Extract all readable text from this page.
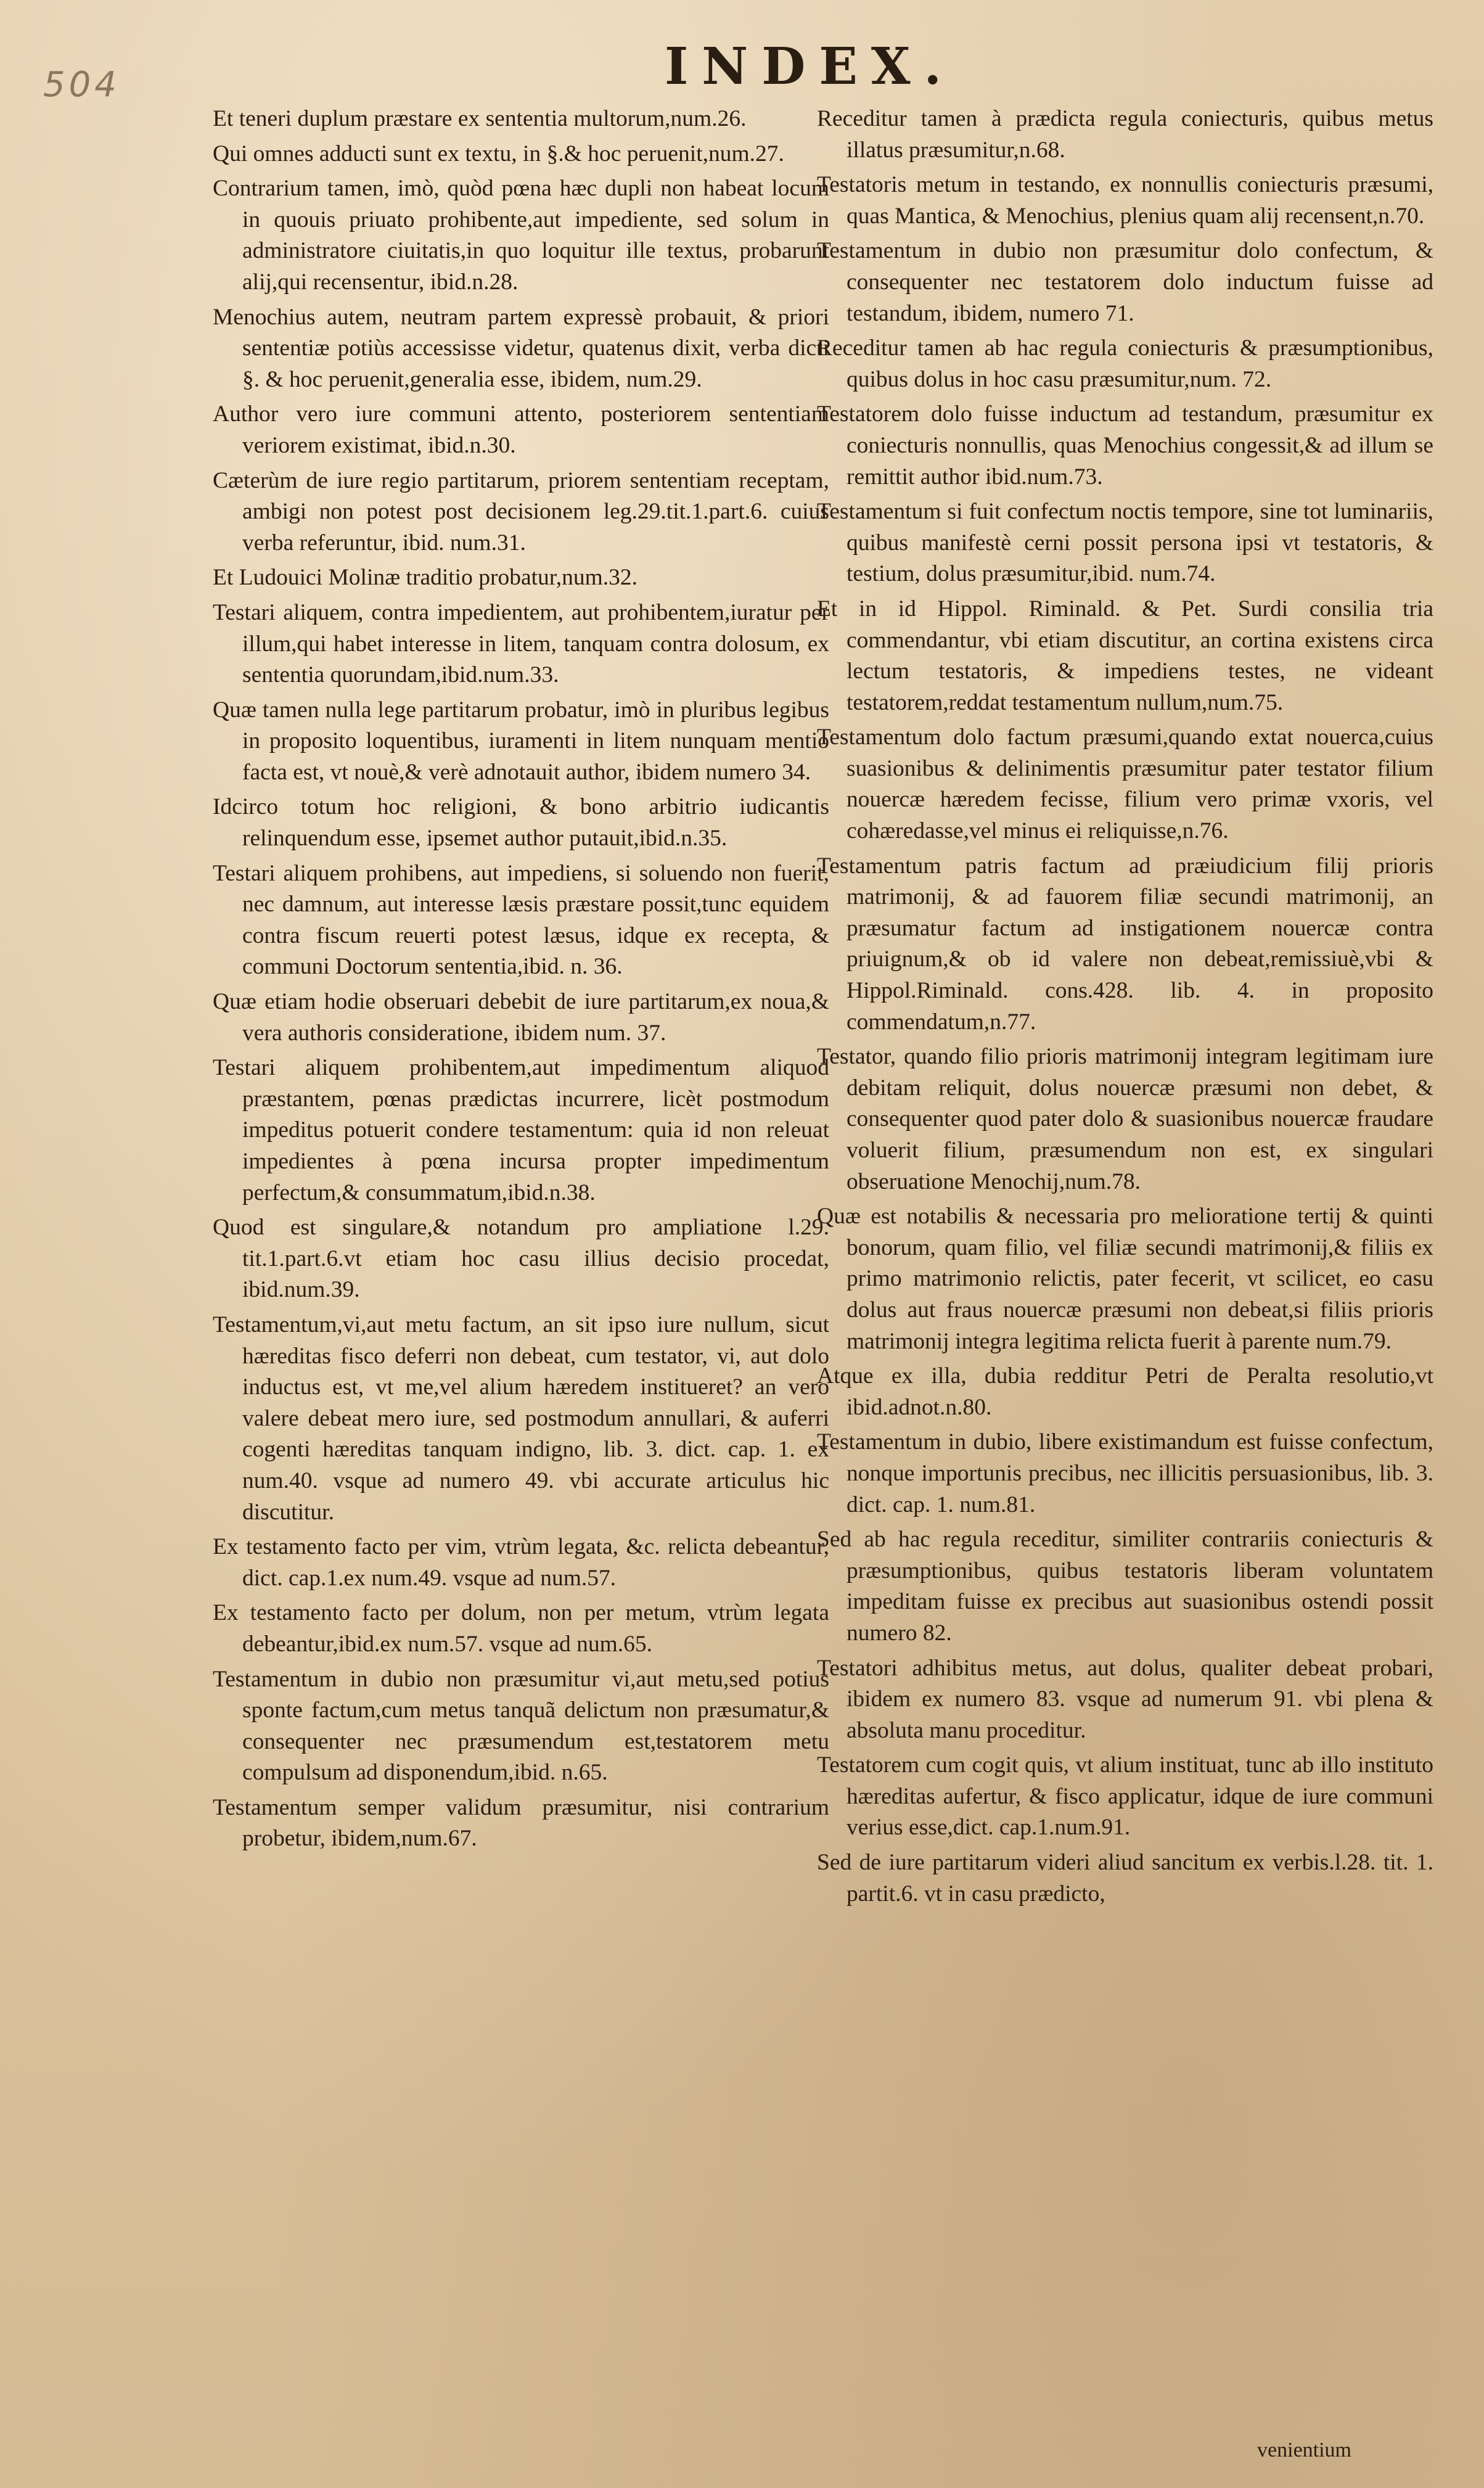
504	INDEX.

Et teneri duplum præstare ex sententia multorum,num.26.

Qui omnes adducti sunt ex textu, in §.& hoc peruenit,num.27.

Contrarium tamen, imò, quòd pœna hæc dupli non habeat locum in quouis priuato prohibente,aut impediente, sed solum in administratore ciuitatis,in quo loquitur ille textus, probarunt alij,qui recensentur, ibid.n.28.

Menochius autem, neutram partem expressè probauit, & priori sententiæ potiùs accessisse videtur, quatenus dixit, verba dicti §. & hoc peruenit,generalia esse, ibidem, num.29.

Author vero iure communi attento, posteriorem sententiam veriorem existimat, ibid.n.30.

Cæterùm de iure regio partitarum, priorem sententiam receptam, ambigi non potest post decisionem leg.29.tit.1.part.6. cuius verba referuntur, ibid. num.31.

Et Ludouici Molinæ traditio probatur,num.32.

Testari aliquem, contra impedientem, aut prohibentem,iuratur per illum,qui habet interesse in litem, tanquam contra dolosum, ex sententia quorundam,ibid.num.33.

Quæ tamen nulla lege partitarum probatur, imò in pluribus legibus in proposito loquentibus, iuramenti in litem nunquam mentio facta est, vt nouè,& verè adnotauit author, ibidem numero 34.

Idcirco totum hoc religioni, & bono arbitrio iudicantis relinquendum esse, ipsemet author putauit,ibid.n.35.

Testari aliquem prohibens, aut impediens, si soluendo non fuerit, nec damnum, aut interesse læsis præstare possit,tunc equidem contra fiscum reuerti potest læsus, idque ex recepta, & communi Doctorum sententia,ibid. n. 36.

Quæ etiam hodie obseruari debebit de iure partitarum,ex noua,& vera authoris consideratione, ibidem num. 37.

Testari aliquem prohibentem,aut impedimentum aliquod præstantem, pœnas prædictas incurrere, licèt postmodum impeditus potuerit condere testamentum: quia id non releuat impedientes à pœna incursa propter impedimentum perfectum,& consummatum,ibid.n.38.

Quod est singulare,& notandum pro ampliatione l.29. tit.1.part.6.vt etiam hoc casu illius decisio procedat, ibid.num.39.

Testamentum,vi,aut metu factum, an sit ipso iure nullum, sicut hæreditas fisco deferri non debeat, cum testator, vi, aut dolo inductus est, vt me,vel alium hæredem institueret? an vero valere debeat mero iure, sed postmodum annullari, & auferri cogenti hæreditas tanquam indigno, lib. 3. dict. cap. 1. ex num.40. vsque ad numero 49. vbi accurate articulus hic discutitur.

Ex testamento facto per vim, vtrùm legata, &c. relicta debeantur, dict. cap.1.ex num.49. vsque ad num.57.

Ex testamento facto per dolum, non per metum, vtrùm legata debeantur,ibid.ex num.57. vsque ad num.65.

Testamentum in dubio non præsumitur vi,aut metu,sed potius sponte factum,cum metus tanquã delictum non præsumatur,& consequenter nec præsumendum est,testatorem metu compulsum ad disponendum,ibid. n.65.

Testamentum semper validum præsumitur, nisi contrarium probetur, ibidem,num.67.

Receditur tamen à prædicta regula coniecturis, quibus metus illatus præsumitur,n.68.

Testatoris metum in testando, ex nonnullis coniecturis præsumi, quas Mantica, & Menochius, plenius quam alij recensent,n.70.

Testamentum in dubio non præsumitur dolo confectum, & consequenter nec testatorem dolo inductum fuisse ad testandum, ibidem, numero 71.

Receditur tamen ab hac regula coniecturis & præsumptionibus, quibus dolus in hoc casu præsumitur,num. 72.

Testatorem dolo fuisse inductum ad testandum, præsumitur ex coniecturis nonnullis, quas Menochius congessit,& ad illum se remittit author ibid.num.73.

Testamentum si fuit confectum noctis tempore, sine tot luminariis, quibus manifestè cerni possit persona ipsi vt testatoris, & testium, dolus præsumitur,ibid. num.74.

Et in id Hippol. Riminald. & Pet. Surdi consilia tria commendantur, vbi etiam discutitur, an cortina existens circa lectum testatoris, & impediens testes, ne videant testatorem,reddat testamentum nullum,num.75.

Testamentum dolo factum præsumi,quando extat nouerca,cuius suasionibus & delinimentis præsumitur pater testator filium nouercæ hæredem fecisse, filium vero primæ vxoris, vel cohæredasse,vel minus ei reliquisse,n.76.

Testamentum patris factum ad præiudicium filij prioris matrimonij, & ad fauorem filiæ secundi matrimonij, an præsumatur factum ad instigationem nouercæ contra priuignum,& ob id valere non debeat,remissiuè,vbi & Hippol.Riminald. cons.428. lib. 4. in proposito commendatum,n.77.

Testator, quando filio prioris matrimonij integram legitimam iure debitam reliquit, dolus nouercæ præsumi non debet, & consequenter quod pater dolo & suasionibus nouercæ fraudare voluerit filium, præsumendum non est, ex singulari obseruatione Menochij,num.78.

Quæ est notabilis & necessaria pro melioratione tertij & quinti bonorum, quam filio, vel filiæ secundi matrimonij,& filiis ex primo matrimonio relictis, pater fecerit, vt scilicet, eo casu dolus aut fraus nouercæ præsumi non debeat,si filiis prioris matrimonij integra legitima relicta fuerit à parente num.79.

Atque ex illa, dubia redditur Petri de Peralta resolutio,vt ibid.adnot.n.80.

Testamentum in dubio, libere existimandum est fuisse confectum, nonque importunis precibus, nec illicitis persuasionibus, lib. 3. dict. cap. 1. num.81.

Sed ab hac regula receditur, similiter contrariis coniecturis & præsumptionibus, quibus testatoris liberam voluntatem impeditam fuisse ex precibus aut suasionibus ostendi possit numero 82.

Testatori adhibitus metus, aut dolus, qualiter debeat probari, ibidem ex numero 83. vsque ad numerum 91. vbi plena & absoluta manu proceditur.

Testatorem cum cogit quis, vt alium instituat, tunc ab illo instituto hæreditas aufertur, & fisco applicatur, idque de iure communi verius esse,dict. cap.1.num.91.

Sed de iure partitarum videri aliud sancitum ex verbis.l.28. tit. 1. partit.6. vt in casu prædicto,

venientium
